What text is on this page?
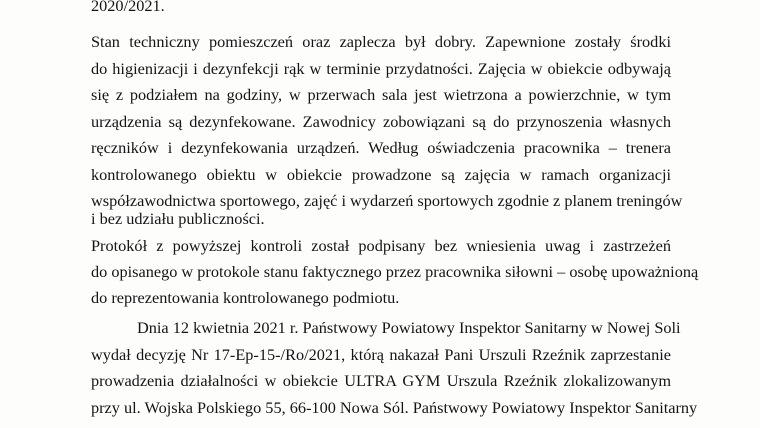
2020/2021.
Stan techniczny pomieszczeń oraz zaplecza był dobry. Zapewnione zostały środki
do higienizacji i dezynfekcji rąk w terminie przydatności. Zajęcia w obiekcie odbywają
się z podziałem na godziny, w przerwach sala jest wietrzona a powierzchnie, w tym
urządzenia są dezynfekowane. Zawodnicy zobowiązani są do przynoszenia własnych
ręczników i dezynfekowania urządzeń. Według oświadczenia pracownika – trenera
kontrolowanego obiektu w obiekcie prowadzone są zajęcia w ramach organizacji
współzawodnictwa sportowego, zajęć i wydarzeń sportowych zgodnie z planem treningów
i bez udziału publiczności.
Protokół z powyższej kontroli został podpisany bez wniesienia uwag i zastrzeżeń
do opisanego w protokole stanu faktycznego przez pracownika siłowni – osobę upoważnioną
do reprezentowania kontrolowanego podmiotu.
Dnia 12 kwietnia 2021 r. Państwowy Powiatowy Inspektor Sanitarny w Nowej Soli
wydał decyzję Nr 17-Ep-15-/Ro/2021, którą nakazał Pani Urszuli Rzeźnik zaprzestanie
prowadzenia działalności w obiekcie ULTRA GYM Urszula Rzeźnik zlokalizowanym
przy ul. Wojska Polskiego 55, 66-100 Nowa Sól. Państwowy Powiatowy Inspektor Sanitarny
